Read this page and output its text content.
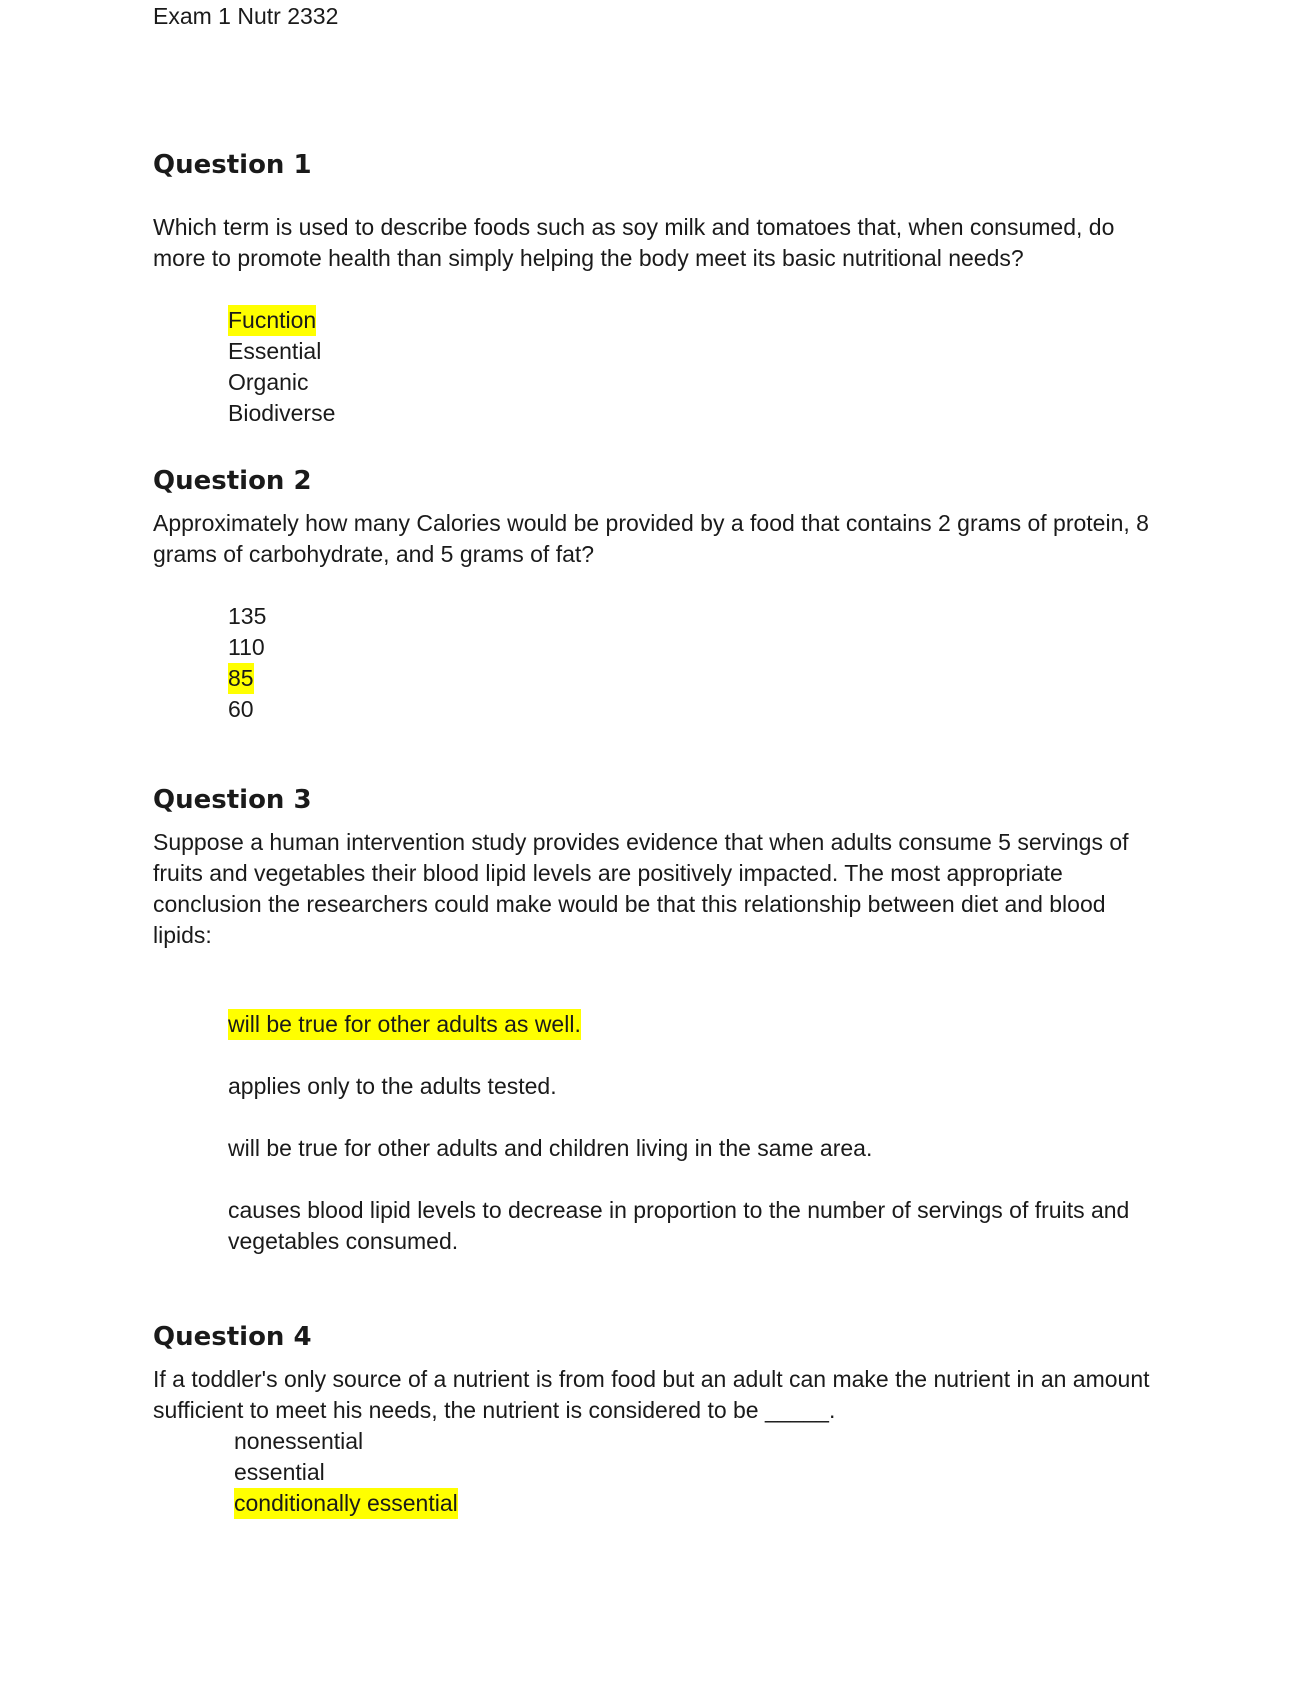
Exam 1 Nutr 2332
Question 1

Which term is used to describe foods such as soy milk and tomatoes that, when consumed, do more to promote health than simply helping the body meet its basic nutritional needs?

Fucntion
Essential
Organic
Biodiverse
Question 2

Approximately how many Calories would be provided by a food that contains 2 grams of protein, 8 grams of carbohydrate, and 5 grams of fat?

135
110
85
60
Question 3

Suppose a human intervention study provides evidence that when adults consume 5 servings of fruits and vegetables their blood lipid levels are positively impacted. The most appropriate conclusion the researchers could make would be that this relationship between diet and blood lipids:

will be true for other adults as well.
applies only to the adults tested.
will be true for other adults and children living in the same area.
causes blood lipid levels to decrease in proportion to the number of servings of fruits and vegetables consumed.
Question 4

If a toddler's only source of a nutrient is from food but an adult can make the nutrient in an amount sufficient to meet his needs, the nutrient is considered to be _____.

nonessential
essential
conditionally essential
